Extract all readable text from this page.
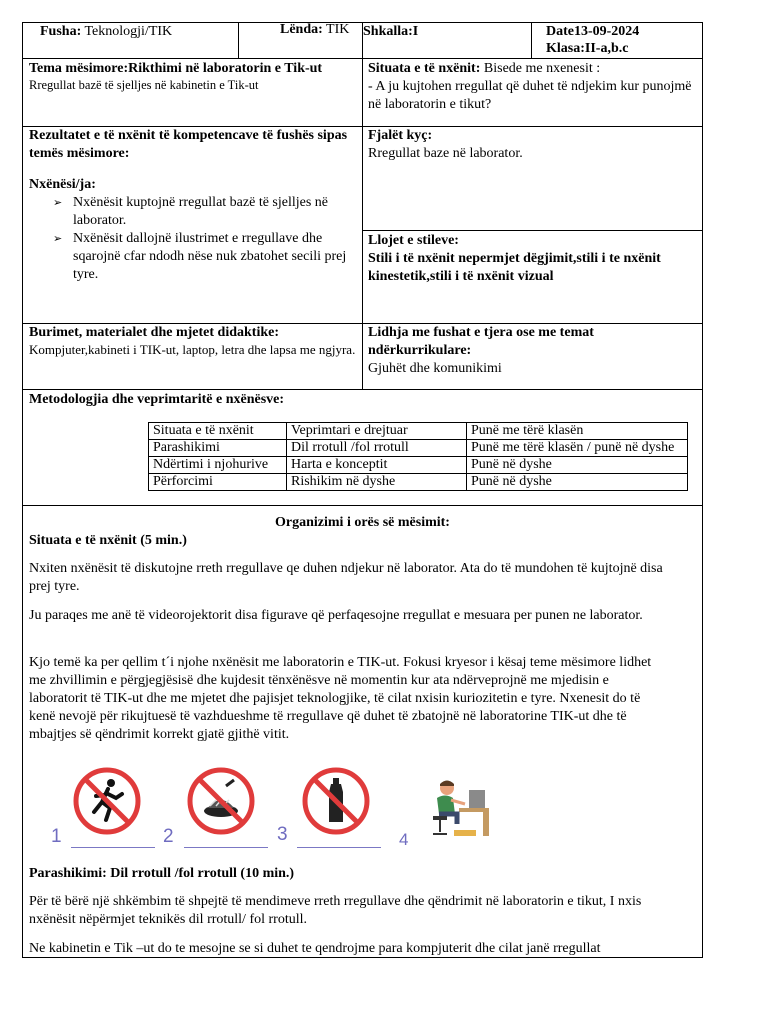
Fusha: Teknologji/TIK	Lënda: TIK Shkalla:I	Date13-09-2024
Klasa:II-a,b.c
Tema mësimore:Rikthimi në laboratorin e Tik-ut
Rregullat bazë të sjelljes në kabinetin e Tik-ut
Situata e të nxënit: Bisede me nxenesit :
- A ju kujtohen rregullat që duhet të ndjekim kur punojmë në laboratorin e tikut?
Rezultatet e të nxënit të kompetencave të fushës sipas temës mësimore:
Nxënësi/ja:
➢ Nxënësit kuptojnë rregullat bazë të sjelljes në laborator.
➢ Nxënësit dallojnë ilustrimet e rregullave dhe sqarojnë cfar ndodh nëse nuk zbatohet secili prej tyre.
Fjalët kyç:
Rregullat baze në laborator.
Llojet e stileve:
Stili i të nxënit nepermjet dëgjimit,stili i te nxënit kinestetik,stili i të nxënit vizual
Burimet, materialet dhe mjetet didaktike:
Kompjuter,kabineti i TIK-ut, laptop, letra dhe lapsa me ngjyra.
Lidhja me fushat e tjera ose me temat ndërkurrikulare:
Gjuhët dhe komunikimi
Metodologjia dhe veprimtaritë e nxënësve:
Situata e të nxënit	Veprimtari e drejtuar	Punë me tërë klasën
Parashikimi	Dil rrotull /fol rrotull	Punë me tërë klasën / punë në dyshe
Ndërtimi i njohurive	Harta e konceptit	Punë në dyshe
Përforcimi	Rishikim në dyshe	Punë në dyshe
Organizimi i orës së mësimit:
Situata e të nxënit (5 min.)

Nxiten nxënësit të diskutojne rreth rregullave qe duhen ndjekur në laborator. Ata do të mundohen të kujtojnë disa prej tyre.

Ju paraqes me anë të videorojektorit disa figurave që perfaqesojne rregullat e mesuara per punen ne laborator.

Kjo temë ka per qellim t´i njohe nxënësit me laboratorin e TIK-ut. Fokusi kryesor i kësaj teme mësimore lidhet me zhvillimin e përgjegjësisë dhe kujdesit tënxënësve në momentin kur ata ndërveprojnë me mjedisin e laboratorit të TIK-ut dhe me mjetet dhe pajisjet teknologjike, të cilat nxisin kuriozitetin e tyre. Nxenesit do të kenë nevojë për rikujtuesë të vazhdueshme të rregullave që duhet të zbatojnë në laboratorine TIK-ut dhe të mbajtjes së qëndrimit korrekt gjatë gjithë vitit.

1	2	3	4
Parashikimi: Dil rrotull /fol rrotull (10 min.)

Për të bërë një shkëmbim të shpejtë të mendimeve rreth rregullave dhe qëndrimit në laboratorin e tikut, I nxis nxënësit nëpërmjet teknikës dil rrotull/ fol rrotull.

Ne kabinetin e Tik –ut do te mesojne se si duhet te qendrojme para kompjuterit dhe cilat janë rregullat
